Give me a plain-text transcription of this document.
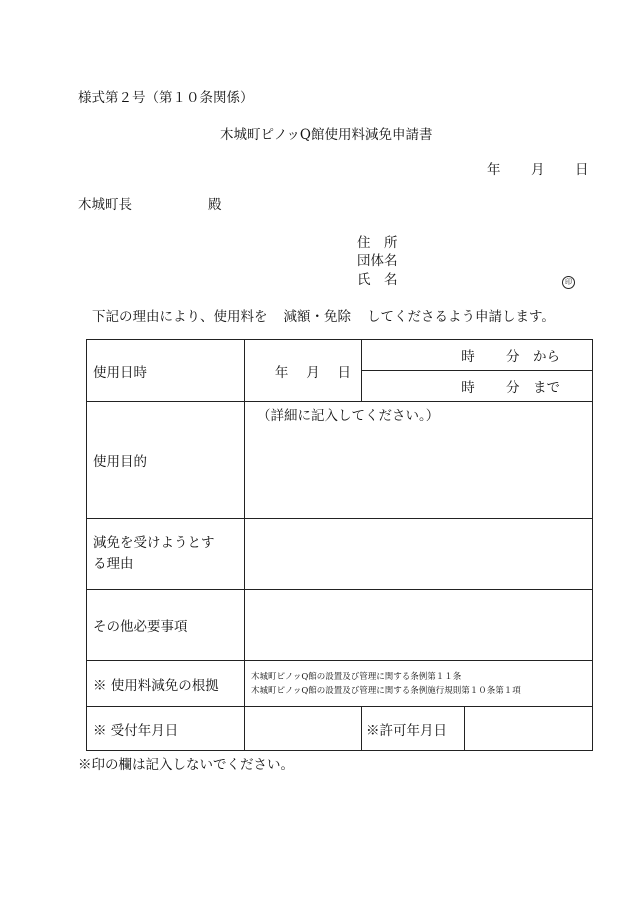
様式第２号（第１０条関係）
木城町ピノッQ館使用料減免申請書
年 月 日
木城町長	殿
住　所
団体名
氏　名	印
下記の理由により、使用料を 減額・免除 してくださるよう申請します。
使用日時	年　 月　 日	時　　 分　から	
		時　　 分　まで	
使用目的	（詳細に記入してください。）		
減免を受けようとす
る理由			
その他必要事項			
※ 使用料減免の根拠	木城町ピノッQ館の設置及び管理に関する条例第１１条
木城町ピノッQ館の設置及び管理に関する条例施行規則第１０条第１項		

※ 受付年月日		※許可年月日	
※印の欄は記入しないでください。
